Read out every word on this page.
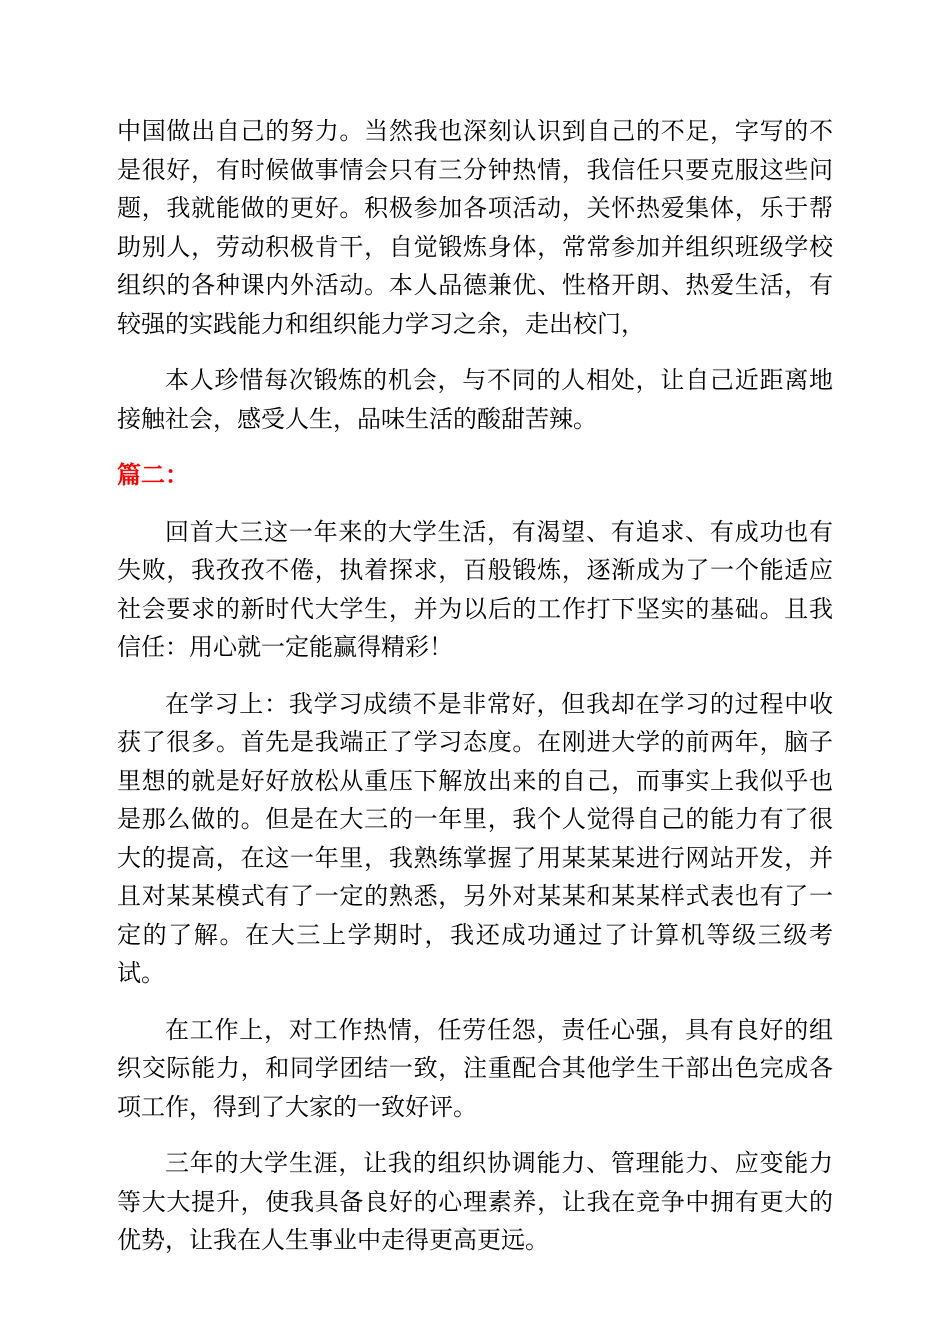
中国做出自己的努力。当然我也深刻认识到自己的不足，字写的不是很好，有时候做事情会只有三分钟热情，我信任只要克服这些问题，我就能做的更好。积极参加各项活动，关怀热爱集体，乐于帮助别人，劳动积极肯干，自觉锻炼身体，常常参加并组织班级学校组织的各种课内外活动。本人品德兼优、性格开朗、热爱生活，有较强的实践能力和组织能力学习之余，走出校门，

本人珍惜每次锻炼的机会，与不同的人相处，让自己近距离地接触社会，感受人生，品味生活的酸甜苦辣。

篇二：

回首大三这一年来的大学生活，有渴望、有追求、有成功也有失败，我孜孜不倦，执着探求，百般锻炼，逐渐成为了一个能适应社会要求的新时代大学生，并为以后的工作打下坚实的基础。且我信任：用心就一定能赢得精彩！

在学习上：我学习成绩不是非常好，但我却在学习的过程中收获了很多。首先是我端正了学习态度。在刚进大学的前两年，脑子里想的就是好好放松从重压下解放出来的自己，而事实上我似乎也是那么做的。但是在大三的一年里，我个人觉得自己的能力有了很大的提高，在这一年里，我熟练掌握了用某某某进行网站开发，并且对某某模式有了一定的熟悉，另外对某某和某某样式表也有了一定的了解。在大三上学期时，我还成功通过了计算机等级三级考试。

在工作上，对工作热情，任劳任怨，责任心强，具有良好的组织交际能力，和同学团结一致，注重配合其他学生干部出色完成各项工作，得到了大家的一致好评。

三年的大学生涯，让我的组织协调能力、管理能力、应变能力等大大提升，使我具备良好的心理素养，让我在竞争中拥有更大的优势，让我在人生事业中走得更高更远。
